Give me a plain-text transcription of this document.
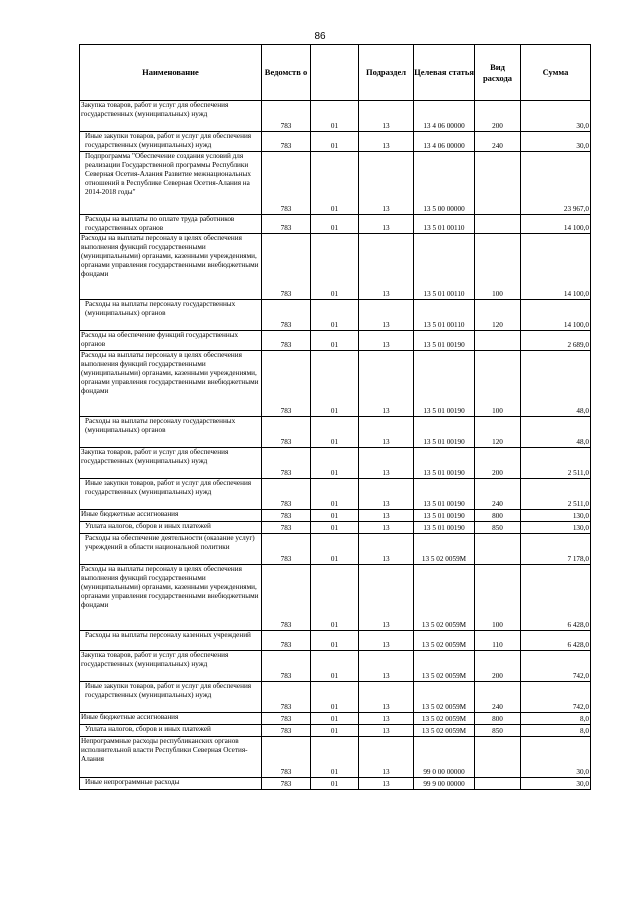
86
Наименование	Ведомств о		Подраздел	Целевая статья	Вид расхода	Сумма
Закупка товаров, работ и услуг для обеспечения государственных (муниципальных) нужд	783	01	13	13 4 06 00000	200	30,0
Иные закупки товаров, работ и услуг для обеспечения государственных (муниципальных) нужд	783	01	13	13 4 06 00000	240	30,0
Подпрограмма "Обеспечение создания условий для реализации Государственной программы Республики Северная Осетия-Алания Развитие межнациональных отношений в Республике Северная Осетия-Алания на 2014-2018 годы"	783	01	13	13 5 00 00000		23 967,0
Расходы на выплаты по оплате труда работников государственных органов	783	01	13	13 5 01 00110		14 100,0
Расходы на выплаты персоналу в целях обеспечения выполнения функций государственными (муниципальными) органами, казенными учреждениями, органами управления государственными внебюджетными фондами	783	01	13	13 5 01 00110	100	14 100,0
Расходы на выплаты персоналу государственных (муниципальных) органов	783	01	13	13 5 01 00110	120	14 100,0
Расходы на обеспечение функций государственных органов	783	01	13	13 5 01 00190		2 689,0
Расходы на выплаты персоналу в целях обеспечения выполнения функций государственными (муниципальными) органами, казенными учреждениями, органами управления государственными внебюджетными фондами	783	01	13	13 5 01 00190	100	48,0
Расходы на выплаты персоналу государственных (муниципальных) органов	783	01	13	13 5 01 00190	120	48,0
Закупка товаров, работ и услуг для обеспечения государственных (муниципальных) нужд	783	01	13	13 5 01 00190	200	2 511,0
Иные закупки товаров, работ и услуг для обеспечения государственных (муниципальных) нужд	783	01	13	13 5 01 00190	240	2 511,0
Иные бюджетные ассигнования	783	01	13	13 5 01 00190	800	130,0
Уплата налогов, сборов и иных платежей	783	01	13	13 5 01 00190	850	130,0
Расходы на обеспечение деятельности (оказание услуг) учреждений в области национальной политики	783	01	13	13 5 02 0059М		7 178,0
Расходы на выплаты персоналу в целях обеспечения выполнения функций государственными (муниципальными) органами, казенными учреждениями, органами управления государственными внебюджетными фондами	783	01	13	13 5 02 0059М	100	6 428,0
Расходы на выплаты персоналу казенных учреждений	783	01	13	13 5 02 0059М	110	6 428,0
Закупка товаров, работ и услуг для обеспечения государственных (муниципальных) нужд	783	01	13	13 5 02 0059М	200	742,0
Иные закупки товаров, работ и услуг для обеспечения государственных (муниципальных) нужд	783	01	13	13 5 02 0059М	240	742,0
Иные бюджетные ассигнования	783	01	13	13 5 02 0059М	800	8,0
Уплата налогов, сборов и иных платежей	783	01	13	13 5 02 0059М	850	8,0
Непрограммные расходы республиканских органов исполнительной власти Республики Северная Осетия-Алания	783	01	13	99 0 00 00000		30,0
Иные непрограммные расходы	783	01	13	99 9 00 00000		30,0
